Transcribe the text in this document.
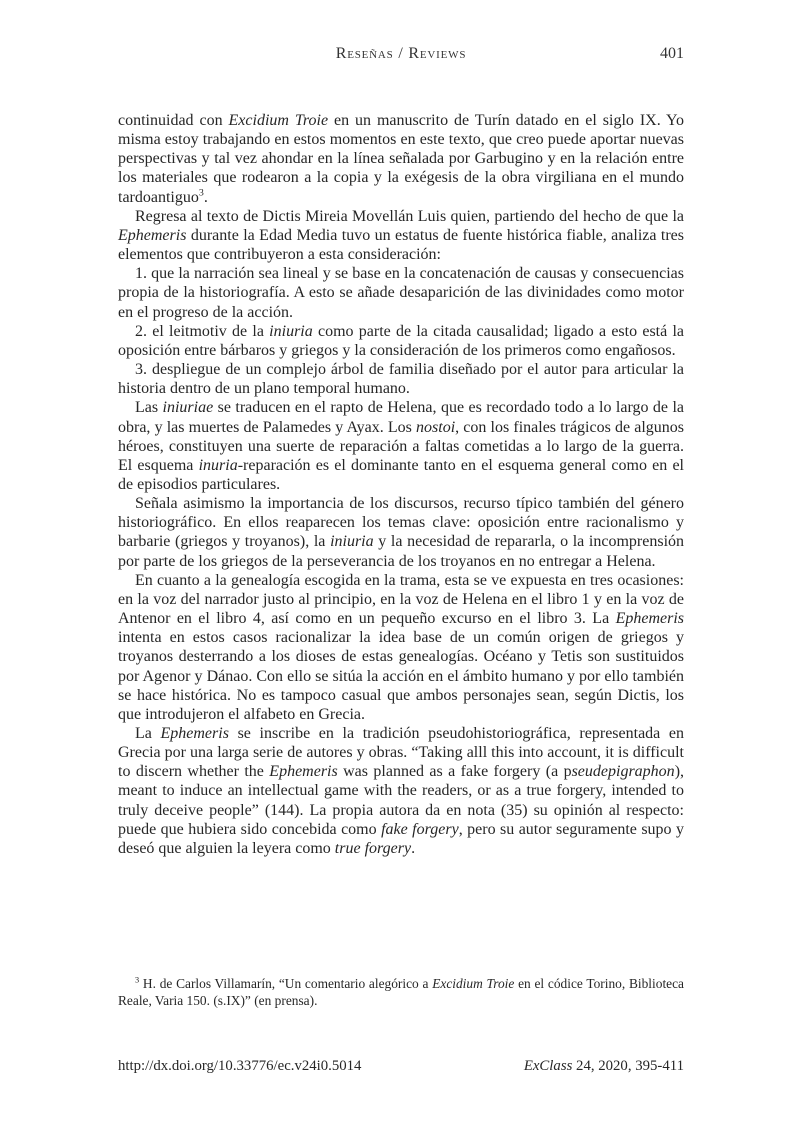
Reseñas / Reviews	401

continuidad con Excidium Troie en un manuscrito de Turín datado en el siglo IX. Yo misma estoy trabajando en estos momentos en este texto, que creo puede aportar nuevas perspectivas y tal vez ahondar en la línea señalada por Garbugino y en la relación entre los materiales que rodearon a la copia y la exégesis de la obra virgiliana en el mundo tardoantiguo$^3$.

Regresa al texto de Dictis Mireia Movellán Luis quien, partiendo del hecho de que la Ephemeris durante la Edad Media tuvo un estatus de fuente histórica fiable, analiza tres elementos que contribuyeron a esta consideración:

1. que la narración sea lineal y se base en la concatenación de causas y consecuencias propia de la historiografía. A esto se añade desaparición de las divinidades como motor en el progreso de la acción.

2. el leitmotiv de la iniuria como parte de la citada causalidad; ligado a esto está la oposición entre bárbaros y griegos y la consideración de los primeros como engañosos.

3. despliegue de un complejo árbol de familia diseñado por el autor para articular la historia dentro de un plano temporal humano.

Las iniuriae se traducen en el rapto de Helena, que es recordado todo a lo largo de la obra, y las muertes de Palamedes y Ayax. Los nostoi, con los finales trágicos de algunos héroes, constituyen una suerte de reparación a faltas cometidas a lo largo de la guerra. El esquema inuria-reparación es el dominante tanto en el esquema general como en el de episodios particulares.

Señala asimismo la importancia de los discursos, recurso típico también del género historiográfico. En ellos reaparecen los temas clave: oposición entre racionalismo y barbarie (griegos y troyanos), la iniuria y la necesidad de repararla, o la incomprensión por parte de los griegos de la perseverancia de los troyanos en no entregar a Helena.

En cuanto a la genealogía escogida en la trama, esta se ve expuesta en tres ocasiones: en la voz del narrador justo al principio, en la voz de Helena en el libro 1 y en la voz de Antenor en el libro 4, así como en un pequeño excurso en el libro 3. La Ephemeris intenta en estos casos racionalizar la idea base de un común origen de griegos y troyanos desterrando a los dioses de estas genealogías. Océano y Tetis son sustituidos por Agenor y Dánao. Con ello se sitúa la acción en el ámbito humano y por ello también se hace histórica. No es tampoco casual que ambos personajes sean, según Dictis, los que introdujeron el alfabeto en Grecia.

La Ephemeris se inscribe en la tradición pseudohistoriográfica, representada en Grecia por una larga serie de autores y obras. “Taking alll this into account, it is difficult to discern whether the Ephemeris was planned as a fake forgery (a pseudepigraphon), meant to induce an intellectual game with the readers, or as a true forgery, intended to truly deceive people” (144). La propia autora da en nota (35) su opinión al respecto: puede que hubiera sido concebida como fake forgery, pero su autor seguramente supo y deseó que alguien la leyera como true forgery.

$^3$ H. de Carlos Villamarín, “Un comentario alegórico a Excidium Troie en el códice Torino, Biblioteca Reale, Varia 150. (s.IX)” (en prensa).
http://dx.doi.org/10.33776/ec.v24i0.5014	ExClass 24, 2020, 395-411
